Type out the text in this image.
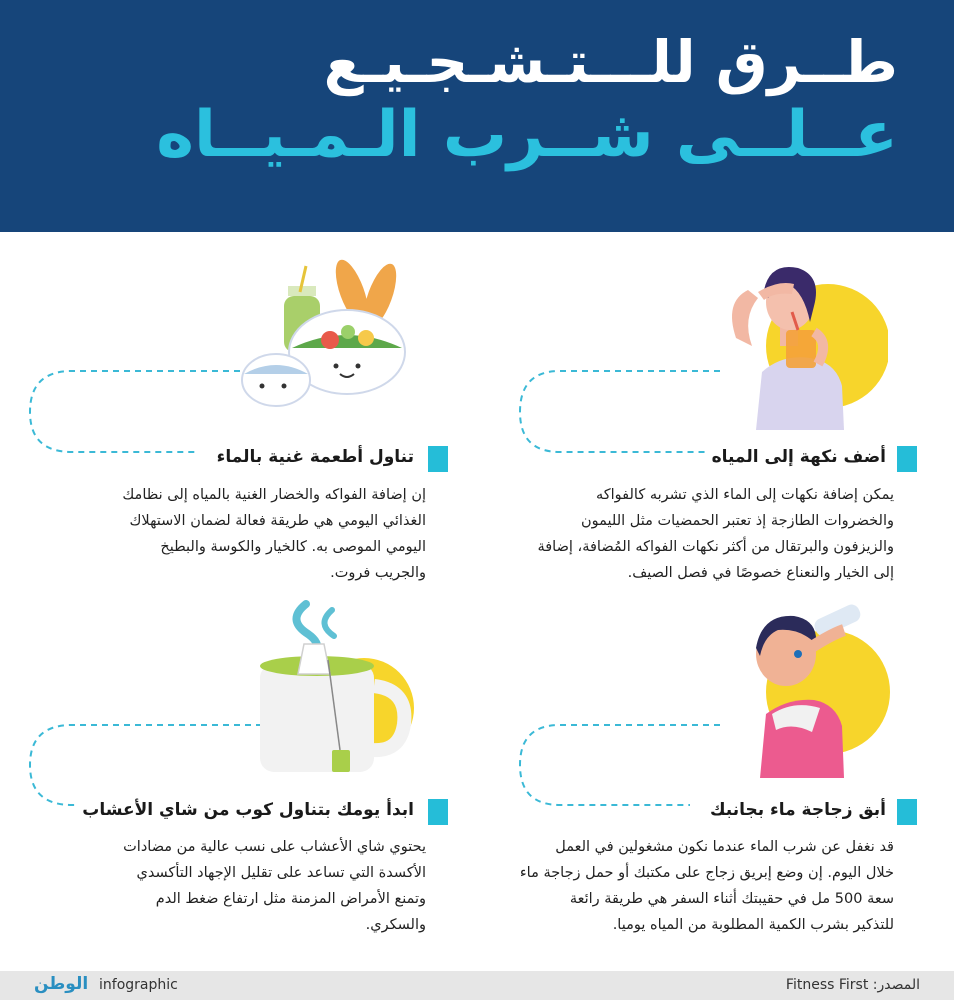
طــرق للـــتـشـجـيـع
عــلــى شــرب الـمـيــاه
أضف نكهة إلى المياه
يمكن إضافة نكهات إلى الماء الذي تشربه كالفواكه
والخضروات الطازجة إذ تعتبر الحمضيات مثل الليمون
والزيزفون والبرتقال من أكثر نكهات الفواكه المُضافة، إضافة
إلى الخيار والنعناع خصوصًا في فصل الصيف.
تناول أطعمة غنية بالماء
إن إضافة الفواكه والخضار الغنية بالمياه إلى نظامك
الغذائي اليومي هي طريقة فعالة لضمان الاستهلاك
اليومي الموصى به. كالخيار والكوسة والبطيخ
والجريب فروت.
أبق زجاجة ماء بجانبك
قد نغفل عن شرب الماء عندما نكون مشغولين في العمل
خلال اليوم. إن وضع إبريق زجاج على مكتبك أو حمل زجاجة ماء
سعة 500 مل في حقيبتك أثناء السفر هي طريقة رائعة
للتذكير بشرب الكمية المطلوبة من المياه يوميا.
ابدأ يومك بتناول كوب من شاي الأعشاب
يحتوي شاي الأعشاب على نسب عالية من مضادات
الأكسدة التي تساعد على تقليل الإجهاد التأكسدي
وتمنع الأمراض المزمنة مثل ارتفاع ضغط الدم
والسكري.
الوطن infographic	المصدر: Fitness First
